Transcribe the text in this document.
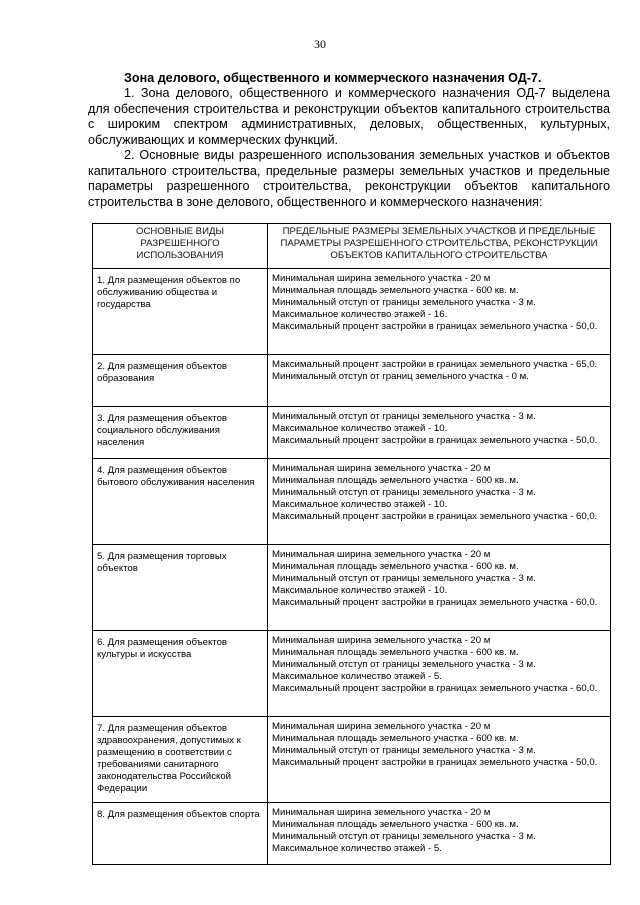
30
Зона делового, общественного и коммерческого назначения ОД-7.

1. Зона делового, общественного и коммерческого назначения ОД-7 выделена для обеспечения строительства и реконструкции объектов капитального строительства с широким спектром административных, деловых, общественных, культурных, обслуживающих и коммерческих функций.

2. Основные виды разрешенного использования земельных участков и объектов капитального строительства, предельные размеры земельных участков и предельные параметры разрешенного строительства, реконструкции объектов капитального строительства в зоне делового, общественного и коммерческого назначения:

ОСНОВНЫЕ ВИДЫ РАЗРЕШЕННОГО ИСПОЛЬЗОВАНИЯ	ПРЕДЕЛЬНЫЕ РАЗМЕРЫ ЗЕМЕЛЬНЫХ УЧАСТКОВ И ПРЕДЕЛЬНЫЕ ПАРАМЕТРЫ РАЗРЕШЕННОГО СТРОИТЕЛЬСТВА, РЕКОНСТРУКЦИИ ОБЪЕКТОВ КАПИТАЛЬНОГО СТРОИТЕЛЬСТВА
1. Для размещения объектов по обслуживанию общества и государства	Минимальная ширина земельного участка - 20 м
Минимальная площадь земельного участка - 600 кв. м.
Минимальный отступ от границы земельного участка - 3 м.
Максимальное количество этажей - 16.
Максимальный процент застройки в границах земельного участка - 50,0.

2. Для размещения объектов образования	Максимальный процент застройки в границах земельного участка - 65,0.
Минимальный отступ от границ земельного участка - 0 м.

3. Для размещения объектов социального обслуживания населения	Минимальный отступ от границы земельного участка - 3 м.
Максимальное количество этажей - 10.
Максимальный процент застройки в границах земельного участка - 50,0.

4. Для размещения объектов бытового обслуживания населения	Минимальная ширина земельного участка - 20 м
Минимальная площадь земельного участка - 600 кв. м.
Минимальный отступ от границы земельного участка - 3 м.
Максимальное количество этажей - 10.
Максимальный процент застройки в границах земельного участка - 60,0.

5. Для размещения торговых объектов	Минимальная ширина земельного участка - 20 м
Минимальная площадь земельного участка - 600 кв. м.
Минимальный отступ от границы земельного участка - 3 м.
Максимальное количество этажей - 10.
Максимальный процент застройки в границах земельного участка - 60,0.

6. Для размещения объектов культуры и искусства	Минимальная ширина земельного участка - 20 м
Минимальная площадь земельного участка - 600 кв. м.
Минимальный отступ от границы земельного участка - 3 м.
Максимальное количество этажей - 5.
Максимальный процент застройки в границах земельного участка - 60,0.

7. Для размещения объектов здравоохранения, допустимых к размещению в соответствии с требованиями санитарного законодательства Российской Федерации	Минимальная ширина земельного участка - 20 м
Минимальная площадь земельного участка - 600 кв. м.
Минимальный отступ от границы земельного участка - 3 м.
Максимальный процент застройки в границах земельного участка - 50,0.

8. Для размещения объектов спорта	Минимальная ширина земельного участка - 20 м
Минимальная площадь земельного участка - 600 кв. м.
Минимальный отступ от границы земельного участка - 3 м.
Максимальное количество этажей - 5.
